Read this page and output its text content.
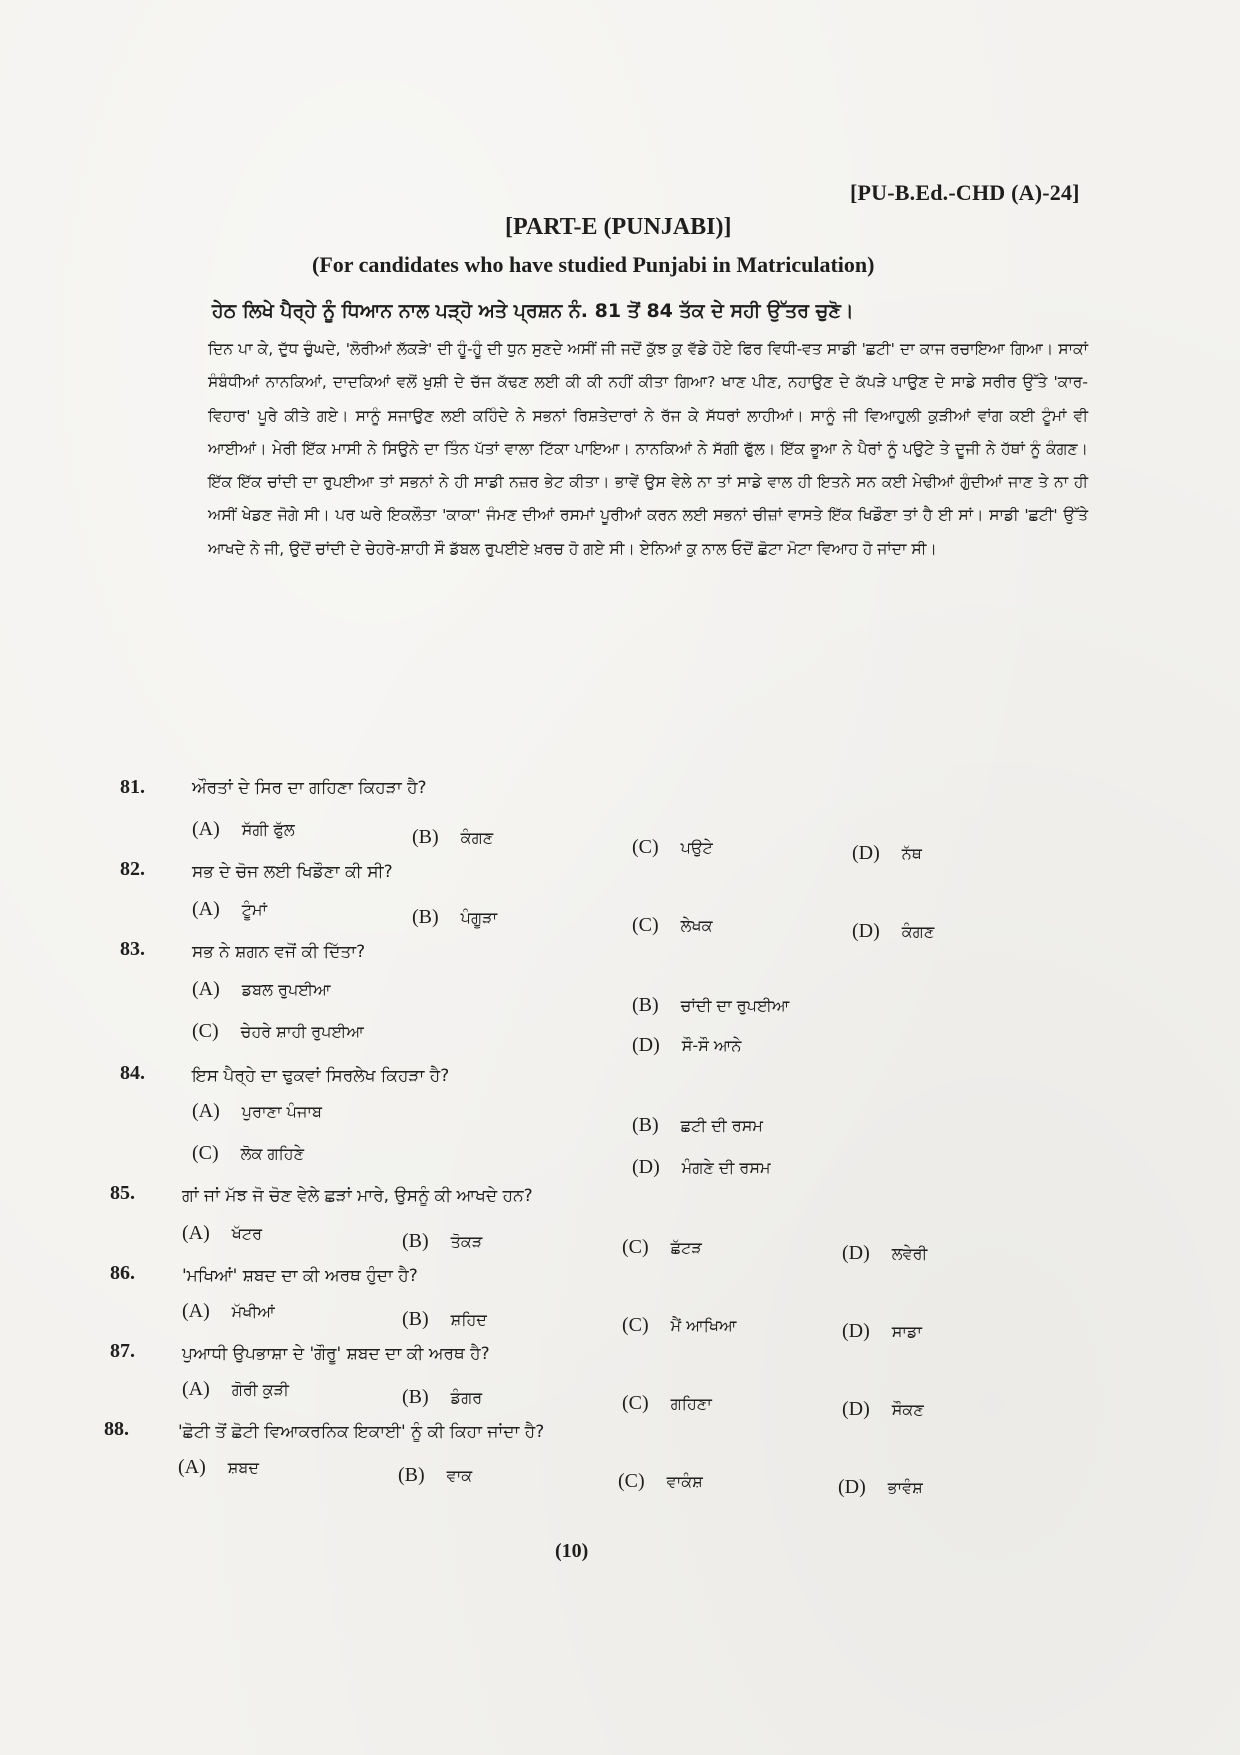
[PU-B.Ed.-CHD (A)-24]
[PART-E (PUNJABI)]
(For candidates who have studied Punjabi in Matriculation)
ਹੇਠ ਲਿਖੇ ਪੈਰ੍ਹੇ ਨੂੰ ਧਿਆਨ ਨਾਲ ਪੜ੍ਹੋ ਅਤੇ ਪ੍ਰਸ਼ਨ ਨੰ. 81 ਤੋਂ 84 ਤੱਕ ਦੇ ਸਹੀ ਉੱਤਰ ਚੁਣੋ।
ਦਿਨ ਪਾ ਕੇ, ਦੁੱਧ ਚੁੰਘਦੇ, 'ਲੋਰੀਆਂ ਲੱਕੜੇ' ਦੀ ਹੂੰ-ਹੂੰ ਦੀ ਧੁਨ ਸੁਣਦੇ ਅਸੀਂ ਜੀ ਜਦੋਂ ਕੁੱਝ ਕੁ ਵੱਡੇ ਹੋਏ ਫਿਰ ਵਿਧੀ-ਵਤ ਸਾਡੀ 'ਛਟੀ' ਦਾ ਕਾਜ ਰਚਾਇਆ ਗਿਆ। ਸਾਕਾਂ ਸੰਬੰਧੀਆਂ ਨਾਨਕਿਆਂ, ਦਾਦਕਿਆਂ ਵਲੋਂ ਖੁਸ਼ੀ ਦੇ ਚੱਜ ਕੱਢਣ ਲਈ ਕੀ ਕੀ ਨਹੀਂ ਕੀਤਾ ਗਿਆ? ਖਾਣ ਪੀਣ, ਨਹਾਉਣ ਦੇ ਕੱਪੜੇ ਪਾਉਣ ਦੇ ਸਾਡੇ ਸਰੀਰ ਉੱਤੇ 'ਕਾਰ-ਵਿਹਾਰ' ਪੂਰੇ ਕੀਤੇ ਗਏ। ਸਾਨੂੰ ਸਜਾਉਣ ਲਈ ਕਹਿੰਦੇ ਨੇ ਸਭਨਾਂ ਰਿਸ਼ਤੇਦਾਰਾਂ ਨੇ ਰੱਜ ਕੇ ਸੱਧਰਾਂ ਲਾਹੀਆਂ। ਸਾਨੂੰ ਜੀ ਵਿਆਹੁਲੀ ਕੁੜੀਆਂ ਵਾਂਗ ਕਈ ਟੂੰਮਾਂ ਵੀ ਆਈਆਂ। ਮੇਰੀ ਇੱਕ ਮਾਸੀ ਨੇ ਸਿਉਨੇ ਦਾ ਤਿੰਨ ਪੱਤਾਂ ਵਾਲਾ ਟਿੱਕਾ ਪਾਇਆ। ਨਾਨਕਿਆਂ ਨੇ ਸੱਗੀ ਫੁੱਲ। ਇੱਕ ਭੂਆ ਨੇ ਪੈਰਾਂ ਨੂੰ ਪਉਟੇ ਤੇ ਦੂਜੀ ਨੇ ਹੱਥਾਂ ਨੂੰ ਕੰਗਣ। ਇੱਕ ਇੱਕ ਚਾਂਦੀ ਦਾ ਰੁਪਈਆ ਤਾਂ ਸਭਨਾਂ ਨੇ ਹੀ ਸਾਡੀ ਨਜ਼ਰ ਭੇਟ ਕੀਤਾ। ਭਾਵੇਂ ਉਸ ਵੇਲੇ ਨਾ ਤਾਂ ਸਾਡੇ ਵਾਲ ਹੀ ਇਤਨੇ ਸਨ ਕਈ ਮੇਢੀਆਂ ਗੁੰਦੀਆਂ ਜਾਣ ਤੇ ਨਾ ਹੀ ਅਸੀਂ ਖੇਡਣ ਜੋਗੇ ਸੀ। ਪਰ ਘਰੇ ਇਕਲੌਤਾ 'ਕਾਕਾ' ਜੰਮਣ ਦੀਆਂ ਰਸਮਾਂ ਪੂਰੀਆਂ ਕਰਨ ਲਈ ਸਭਨਾਂ ਚੀਜ਼ਾਂ ਵਾਸਤੇ ਇੱਕ ਖਿਡੌਣਾ ਤਾਂ ਹੈ ਈ ਸਾਂ। ਸਾਡੀ 'ਛਟੀ' ਉੱਤੇ ਆਖਦੇ ਨੇ ਜੀ, ਉਦੋਂ ਚਾਂਦੀ ਦੇ ਚੇਹਰੇ-ਸ਼ਾਹੀ ਸੌ ਡੱਬਲ ਰੁਪਈਏ ਖ਼ਰਚ ਹੋ ਗਏ ਸੀ। ਏਨਿਆਂ ਕੁ ਨਾਲ ਓਦੋਂ ਛੋਟਾ ਮੋਟਾ ਵਿਆਹ ਹੋ ਜਾਂਦਾ ਸੀ।
81.	ਔਰਤਾਂ ਦੇ ਸਿਰ ਦਾ ਗਹਿਣਾ ਕਿਹੜਾ ਹੈ?
(A) ਸੱਗੀ ਫੁੱਲ	(B) ਕੰਗਣ	(C) ਪਉਟੇ	(D) ਨੱਥ
82.	ਸਭ ਦੇ ਚੋਜ ਲਈ ਖਿਡੌਣਾ ਕੀ ਸੀ?
(A) ਟੂੰਮਾਂ	(B) ਪੰਗੂੜਾ	(C) ਲੇਖਕ	(D) ਕੰਗਣ
83.	ਸਭ ਨੇ ਸ਼ਗਨ ਵਜੋਂ ਕੀ ਦਿੱਤਾ?
(A) ਡਬਲ ਰੁਪਈਆ
(B) ਚਾਂਦੀ ਦਾ ਰੁਪਈਆ
(C) ਚੇਹਰੇ ਸ਼ਾਹੀ ਰੁਪਈਆ
(D) ਸੌ-ਸੌ ਆਨੇ
84.	ਇਸ ਪੈਰ੍ਹੇ ਦਾ ਢੁਕਵਾਂ ਸਿਰਲੇਖ ਕਿਹੜਾ ਹੈ?
(A) ਪੁਰਾਣਾ ਪੰਜਾਬ
(B) ਛਟੀ ਦੀ ਰਸਮ
(C) ਲੋਕ ਗਹਿਣੇ
(D) ਮੰਗਣੇ ਦੀ ਰਸਮ
85.	ਗਾਂ ਜਾਂ ਮੱਝ ਜੋ ਚੋਣ ਵੇਲੇ ਛੜਾਂ ਮਾਰੇ, ਉਸਨੂੰ ਕੀ ਆਖਦੇ ਹਨ?
(A) ਖੱਟਰ	(B) ਤੋਕੜ	(C) ਛੱਟੜ	(D) ਲਵੇਰੀ
86.	'ਮਖਿਆਂ' ਸ਼ਬਦ ਦਾ ਕੀ ਅਰਥ ਹੁੰਦਾ ਹੈ?
(A) ਮੱਖੀਆਂ	(B) ਸ਼ਹਿਦ	(C) ਮੈਂ ਆਖਿਆ	(D) ਸਾਡਾ
87.	ਪੁਆਧੀ ਉਪਭਾਸ਼ਾ ਦੇ 'ਗੌਰੂ' ਸ਼ਬਦ ਦਾ ਕੀ ਅਰਥ ਹੈ?
(A) ਗੋਰੀ ਕੁੜੀ	(B) ਡੰਗਰ	(C) ਗਹਿਣਾ	(D) ਸੌਕਣ
88.	'ਛੋਟੀ ਤੋਂ ਛੋਟੀ ਵਿਆਕਰਨਿਕ ਇਕਾਈ' ਨੂੰ ਕੀ ਕਿਹਾ ਜਾਂਦਾ ਹੈ?
(A) ਸ਼ਬਦ	(B) ਵਾਕ	(C) ਵਾਕੰਸ਼	(D) ਭਾਵੰਸ਼
(10)
